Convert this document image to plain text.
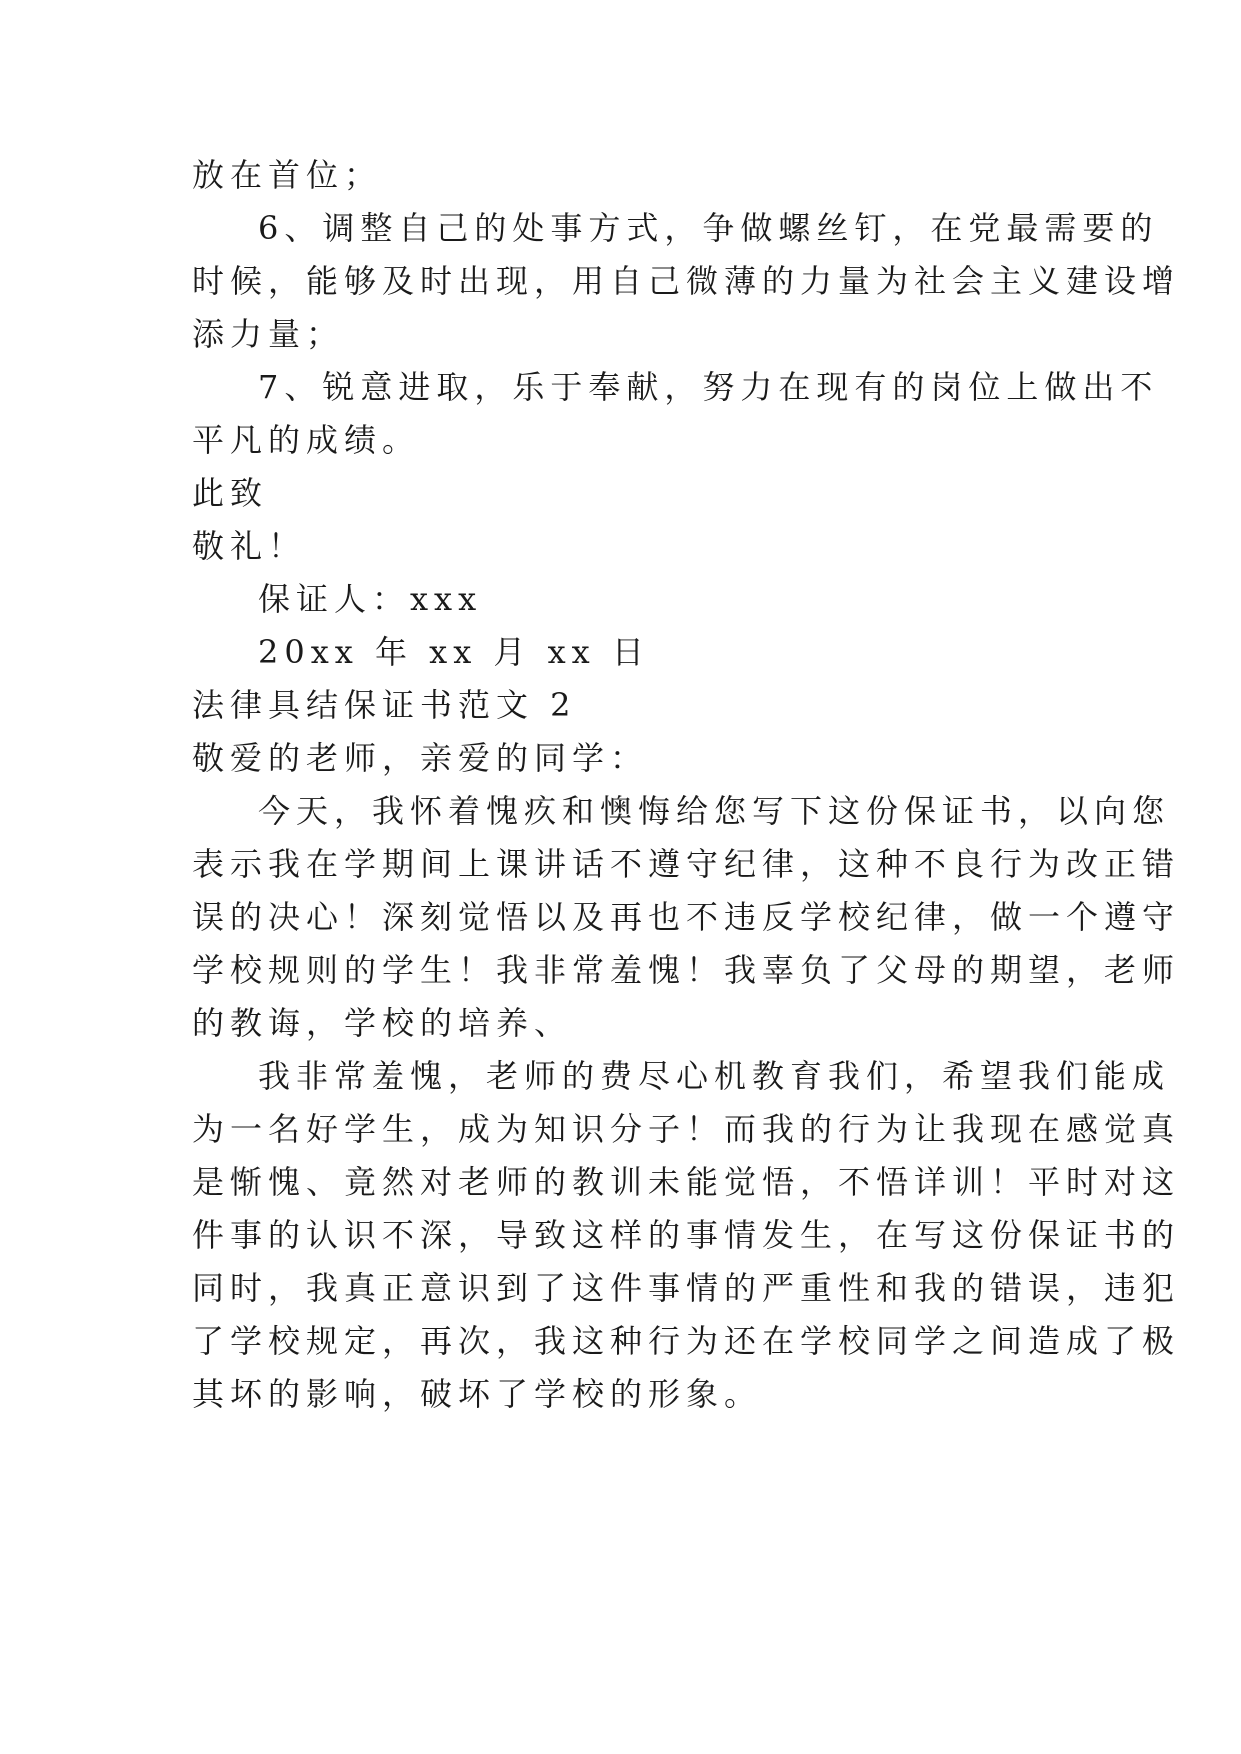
放在首位；
6、调整自己的处事方式，争做螺丝钉，在党最需要的
时候，能够及时出现，用自己微薄的力量为社会主义建设增
添力量；
7、锐意进取，乐于奉献，努力在现有的岗位上做出不
平凡的成绩。
此致
敬礼！
保证人：xxx
20xx 年 xx 月 xx 日
法律具结保证书范文 2
敬爱的老师，亲爱的同学：
今天，我怀着愧疚和懊悔给您写下这份保证书，以向您
表示我在学期间上课讲话不遵守纪律，这种不良行为改正错
误的决心！深刻觉悟以及再也不违反学校纪律，做一个遵守
学校规则的学生！我非常羞愧！我辜负了父母的期望，老师
的教诲，学校的培养、
我非常羞愧，老师的费尽心机教育我们，希望我们能成
为一名好学生，成为知识分子！而我的行为让我现在感觉真
是惭愧、竟然对老师的教训未能觉悟，不悟详训！平时对这
件事的认识不深，导致这样的事情发生，在写这份保证书的
同时，我真正意识到了这件事情的严重性和我的错误，违犯
了学校规定，再次，我这种行为还在学校同学之间造成了极
其坏的影响，破坏了学校的形象。
